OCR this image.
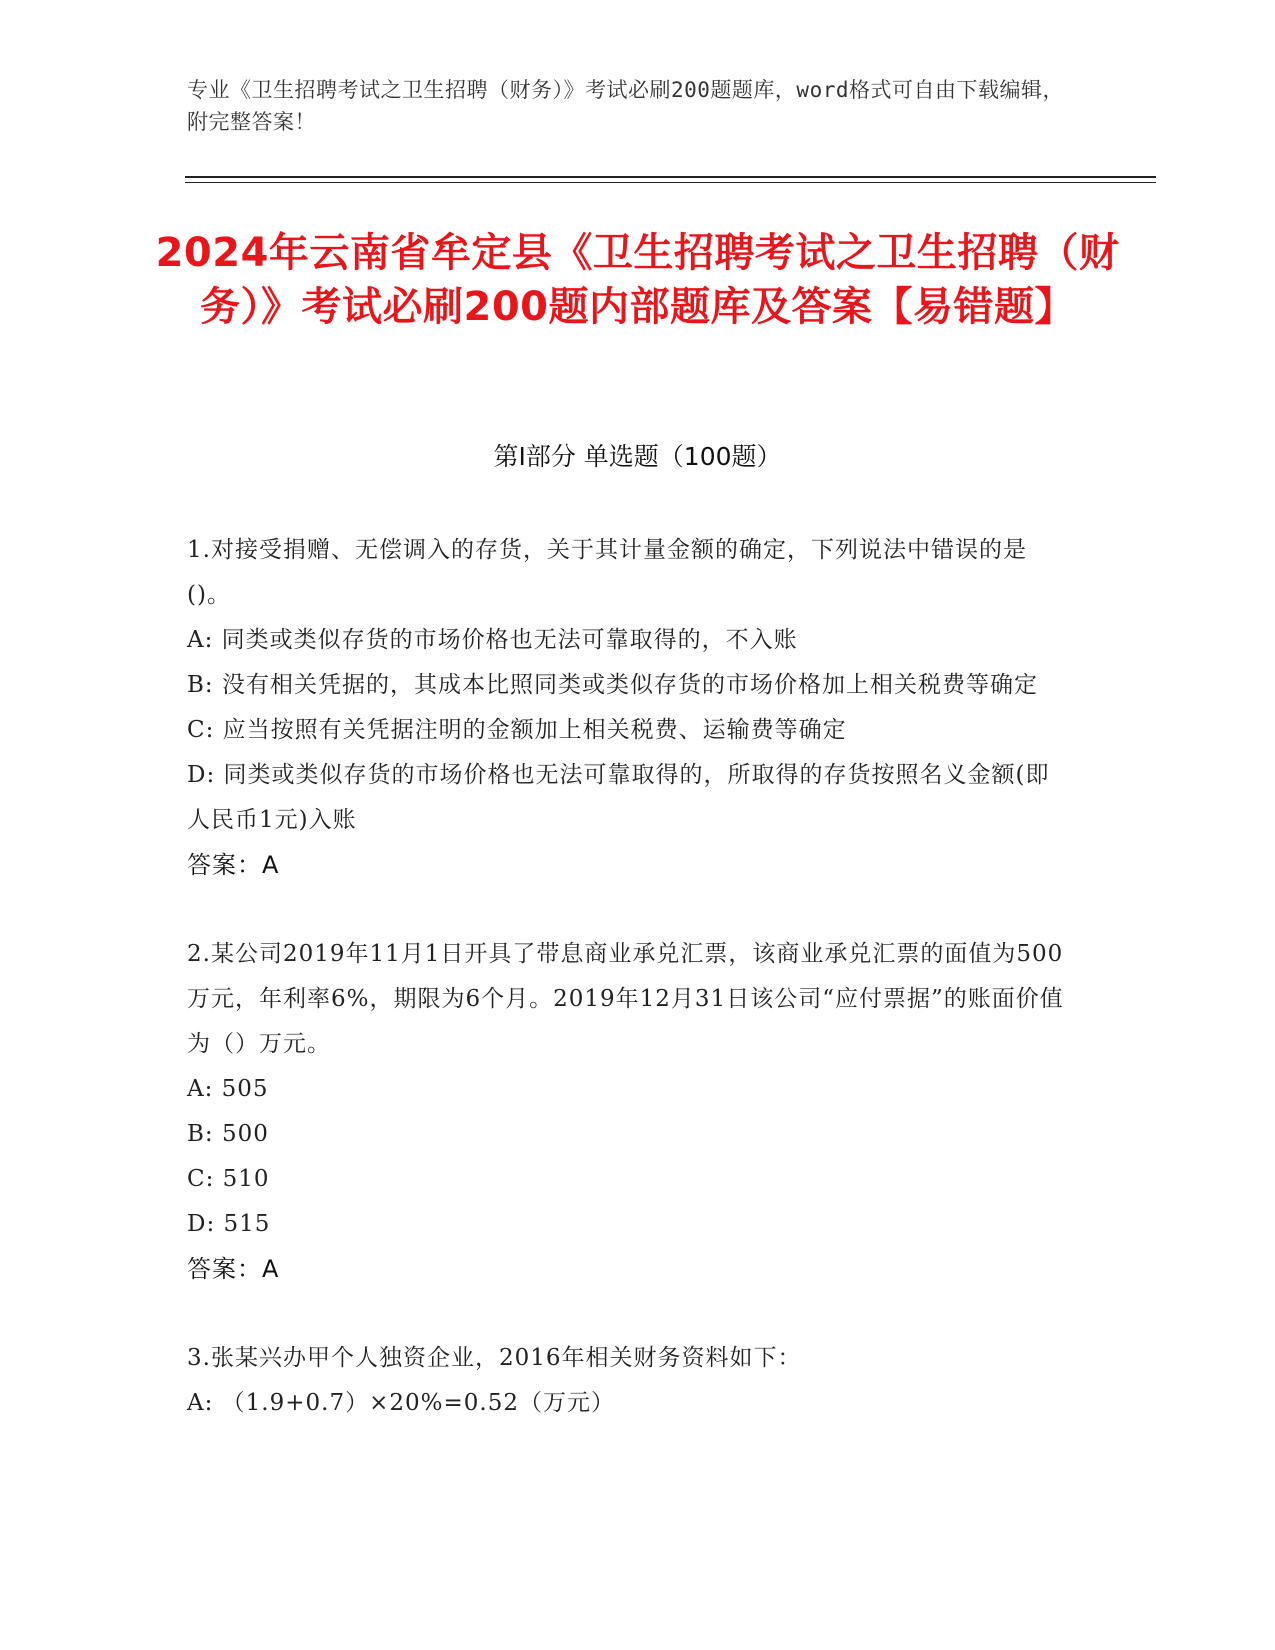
专业《卫生招聘考试之卫生招聘（财务）》考试必刷200题题库，word格式可自由下载编辑，附完整答案！
2024年云南省牟定县《卫生招聘考试之卫生招聘（财务）》考试必刷200题内部题库及答案【易错题】
第Ⅰ部分 单选题（100题）

1.对接受捐赠、无偿调入的存货，关于其计量金额的确定，下列说法中错误的是()。

A: 同类或类似存货的市场价格也无法可靠取得的，不入账

B: 没有相关凭据的，其成本比照同类或类似存货的市场价格加上相关税费等确定

C: 应当按照有关凭据注明的金额加上相关税费、运输费等确定

D: 同类或类似存货的市场价格也无法可靠取得的，所取得的存货按照名义金额(即人民币1元)入账

答案：A

2.某公司2019年11月1日开具了带息商业承兑汇票，该商业承兑汇票的面值为500万元，年利率6%，期限为6个月。2019年12月31日该公司“应付票据”的账面价值为（）万元。

A: 505

B: 500

C: 510

D: 515

答案：A

3.张某兴办甲个人独资企业，2016年相关财务资料如下：

A: （1.9+0.7）×20%=0.52（万元）
